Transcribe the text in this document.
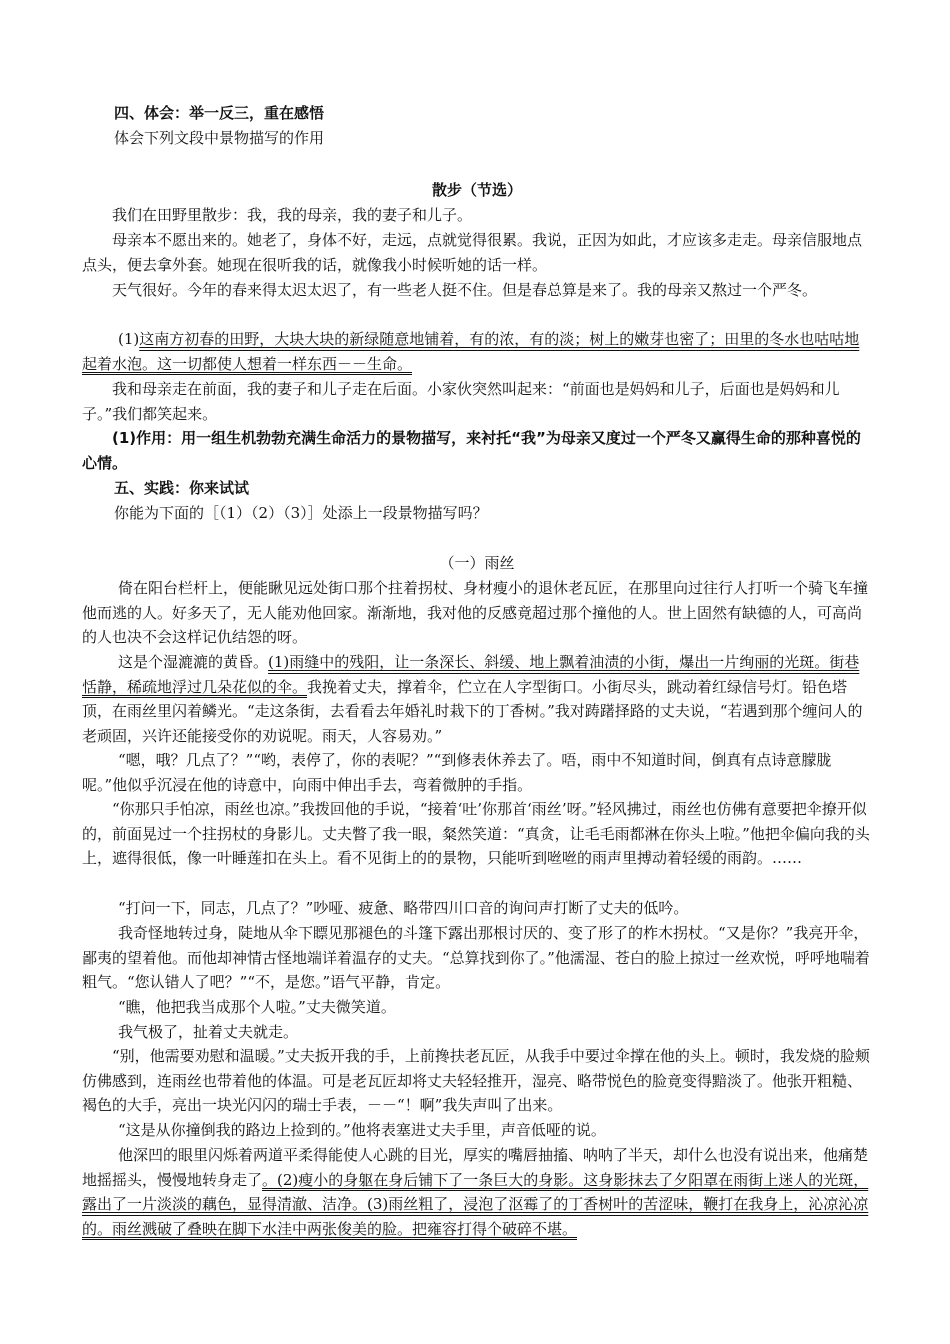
四、体会：举一反三，重在感悟

体会下列文段中景物描写的作用

散步（节选）

我们在田野里散步：我，我的母亲，我的妻子和儿子。

母亲本不愿出来的。她老了，身体不好，走远，点就觉得很累。我说，正因为如此，才应该多走走。母亲信服地点点头，便去拿外套。她现在很听我的话，就像我小时候听她的话一样。

天气很好。今年的春来得太迟太迟了，有一些老人挺不住。但是春总算是来了。我的母亲又熬过一个严冬。

(1)这南方初春的田野，大块大块的新绿随意地铺着，有的浓，有的淡；树上的嫩芽也密了；田里的冬水也咕咕地起着水泡。这一切都使人想着一样东西－－生命。

我和母亲走在前面，我的妻子和儿子走在后面。小家伙突然叫起来：“前面也是妈妈和儿子，后面也是妈妈和儿子。”我们都笑起来。

(1)作用：用一组生机勃勃充满生命活力的景物描写，来衬托“我”为母亲又度过一个严冬又赢得生命的那种喜悦的心情。

五、实践：你来试试

你能为下面的［（1）（2）（3）］处添上一段景物描写吗？

（一）雨丝

倚在阳台栏杆上，便能瞅见远处街口那个拄着拐杖、身材瘦小的退休老瓦匠，在那里向过往行人打听一个骑飞车撞他而逃的人。好多天了，无人能劝他回家。渐渐地，我对他的反感竟超过那个撞他的人。世上固然有缺德的人，可高尚的人也决不会这样记仇结怨的呀。

这是个湿漉漉的黄昏。(1)雨缝中的残阳，让一条深长、斜缓、地上飘着油渍的小街，爆出一片绚丽的光斑。街巷恬静，稀疏地浮过几朵花似的伞。我挽着丈夫，撑着伞，伫立在人字型街口。小街尽头，跳动着红绿信号灯。铅色塔顶，在雨丝里闪着鳞光。“走这条街，去看看去年婚礼时栽下的丁香树。”我对踌躇择路的丈夫说，“若遇到那个缠问人的老顽固，兴许还能接受你的劝说呢。雨天，人容易劝。”

“嗯，哦？几点了？”“哟，表停了，你的表呢？”“到修表休养去了。唔，雨中不知道时间，倒真有点诗意朦胧呢。”他似乎沉浸在他的诗意中，向雨中伸出手去，弯着微肿的手指。

“你那只手怕凉，雨丝也凉。”我拨回他的手说，“接着‘吐’你那首‘雨丝’呀。”轻风拂过，雨丝也仿佛有意要把伞撩开似的，前面晃过一个拄拐杖的身影儿。丈夫瞥了我一眼，粲然笑道：“真贪，让毛毛雨都淋在你头上啦。”他把伞偏向我的头上，遮得很低，像一叶睡莲扣在头上。看不见街上的的景物，只能听到咝咝的雨声里搏动着轻缓的雨韵。……

“打问一下，同志，几点了？”吵哑、疲惫、略带四川口音的询问声打断了丈夫的低吟。

我奇怪地转过身，陡地从伞下瞟见那褪色的斗篷下露出那根讨厌的、变了形了的柞木拐杖。“又是你？”我亮开伞，鄙夷的望着他。而他却神情古怪地端详着温存的丈夫。“总算找到你了。”他濡湿、苍白的脸上掠过一丝欢悦，呼呼地喘着粗气。“您认错人了吧？”“不，是您。”语气平静，肯定。

“瞧，他把我当成那个人啦。”丈夫微笑道。

我气极了，扯着丈夫就走。

“别，他需要劝慰和温暖。”丈夫扳开我的手，上前搀扶老瓦匠，从我手中要过伞撑在他的头上。顿时，我发烧的脸颊仿佛感到，连雨丝也带着他的体温。可是老瓦匠却将丈夫轻轻推开，湿亮、略带悦色的脸竟变得黯淡了。他张开粗糙、褐色的大手，亮出一块光闪闪的瑞士手表，－－“！啊”我失声叫了出来。

“这是从你撞倒我的路边上捡到的。”他将表塞进丈夫手里，声音低哑的说。

他深凹的眼里闪烁着两道平柔得能使人心跳的目光，厚实的嘴唇抽搐、呐呐了半天，却什么也没有说出来，他痛楚地摇摇头，慢慢地转身走了。(2)瘦小的身躯在身后铺下了一条巨大的身影。这身影抹去了夕阳罩在雨街上迷人的光斑，露出了一片淡淡的藕色，显得清澈、洁净。(3)雨丝粗了，浸泡了沤霉了的丁香树叶的苦涩味，鞭打在我身上，沁凉沁凉的。雨丝溅破了叠映在脚下水洼中两张俊美的脸。把雍容打得个破碎不堪。
